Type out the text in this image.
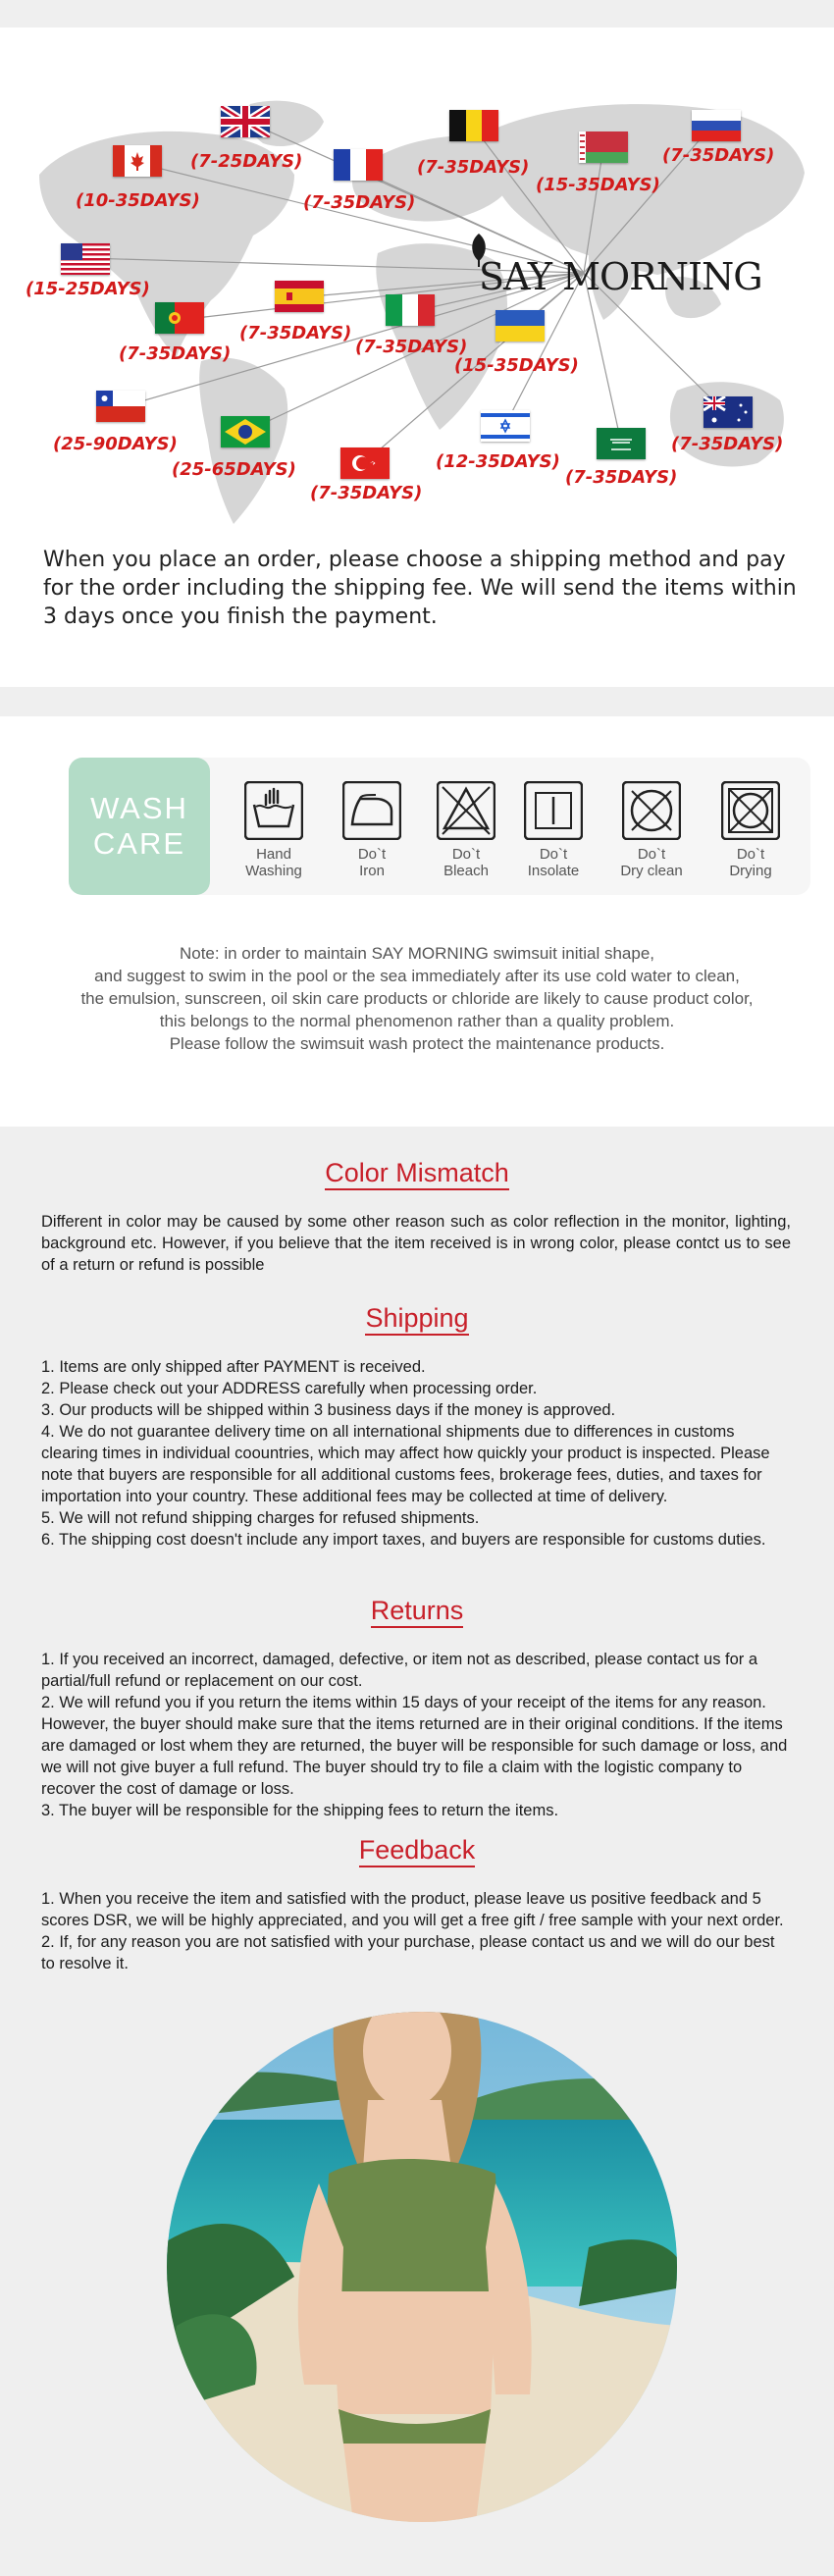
SAY MORNING
(7-25DAYS)
(10-35DAYS)	(7-35DAYS)
(7-35DAYS)
(15-35DAYS)
(7-35DAYS)
(15-25DAYS)
(7-35DAYS)
(7-35DAYS)	(7-35DAYS)
(15-35DAYS)
(25-90DAYS)
(25-65DAYS)
(7-35DAYS)
(12-35DAYS)
(7-35DAYS)
(7-35DAYS)
When you place an order, please choose a shipping method and pay for the order including the shipping fee. We will send the items within 3 days once you finish the payment.
WASH
CARE	Hand
Washing
Do`t
Iron
Do`t
Bleach
Do`t
Insolate
Do`t
Dry clean
Do`t
Drying
Note: in order to maintain SAY MORNING swimsuit initial shape,
and suggest to swim in the pool or the sea immediately after its use cold water to clean,
the emulsion, sunscreen, oil skin care products or chloride are likely to cause product color,
this belongs to the normal phenomenon rather than a quality problem.
Please follow the swimsuit wash protect the maintenance products.
Color Mismatch

Different in color may be caused by some other reason such as color reflection in the monitor, lighting, background etc. However, if you believe that the item received is in wrong color, please contct us to see of a return or refund is possible

Shipping

1. Items are only shipped after PAYMENT is received.

2. Please check out your ADDRESS carefully when processing order.

3. Our products will be shipped within 3 business days if the money is approved.

4. We do not guarantee delivery time on all international shipments due to differences in customs clearing times in individual coountries, which may affect how quickly your product is inspected. Please note that buyers are responsible for all additional customs fees, brokerage fees, duties, and taxes for importation into your country. These additional fees may be collected at time of delivery.

5. We will not refund shipping charges for refused shipments.

6. The shipping cost doesn't include any import taxes, and buyers are responsible for customs duties.

Returns

1. If you received an incorrect, damaged, defective, or item not as described, please contact us for a partial/full refund or replacement on our cost.

2. We will refund you if you return the items within 15 days of your receipt of the items for any reason. However, the buyer should make sure that the items returned are in their original conditions. If the items are damaged or lost whem they are returned, the buyer will be responsible for such damage or loss, and we will not give buyer a full refund. The buyer should try to file a claim with the logistic company to recover the cost of damage or loss.

3. The buyer will be responsible for the shipping fees to return the items.

Feedback

1. When you receive the item and satisfied with the product, please leave us positive feedback and 5 scores DSR, we will be highly appreciated, and you will get a free gift / free sample with your next order.

2. If, for any reason you are not satisfied with your purchase, please contact us and we will do our best to resolve it.
